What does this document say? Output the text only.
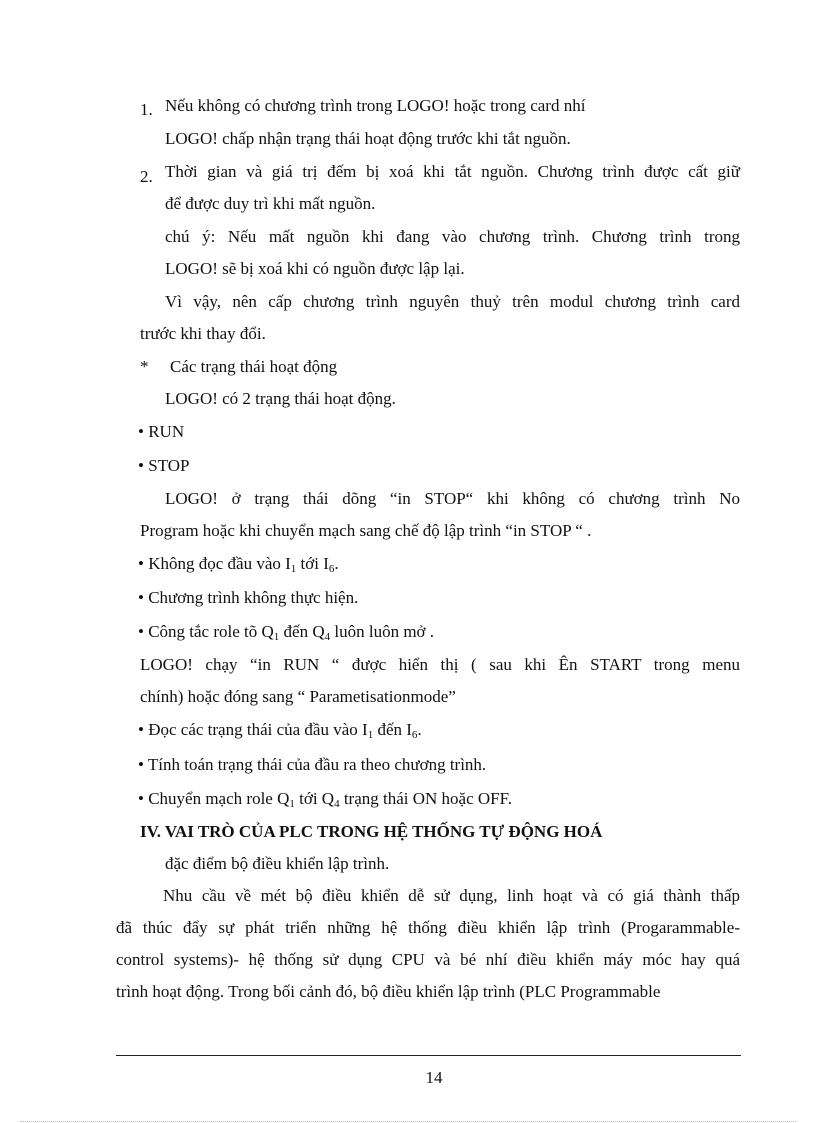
1. Nếu không có chương trình trong LOGO! hoặc trong card nhí
LOGO! chấp nhận trạng thái hoạt động trước khi tắt nguồn.
2. Thời gian và giá trị đếm bị xoá khi tắt nguồn. Chương trình được cất giữ
để được duy trì khi mất nguồn.
chú ý: Nếu mất nguồn khi đang vào chương trình. Chương trình trong
LOGO! sẽ bị xoá khi có nguồn được lập lại.
Vì vậy, nên cấp chương trình nguyên thuỷ trên modul chương trình card
trước khi thay đổi.
* Các trạng thái hoạt động
LOGO! có 2 trạng thái hoạt động.
• RUN
• STOP
LOGO! ở trạng thái dõng “in STOP“ khi không có chương trình No
Program hoặc khi chuyển mạch sang chế độ lập trình “in STOP “ .
• Không đọc đầu vào $I_1$ tới $I_6$.
• Chương trình không thực hiện.
• Công tắc role tõ $Q_1$ đến $Q_4$ luôn luôn mở .
LOGO! chạy “in RUN “ được hiển thị ( sau khi Ên START trong menu
chính) hoặc đóng sang “ Parametisationmode”
• Đọc các trạng thái của đầu vào $I_1$ đến $I_6$.
• Tính toán trạng thái của đầu ra theo chương trình.
• Chuyển mạch role $Q_1$ tới $Q_4$ trạng thái ON hoặc OFF.
IV. VAI TRÒ CỦA PLC TRONG HỆ THỐNG TỰ ĐỘNG HOÁ
đặc điểm bộ điều khiển lập trình.
Nhu cầu về mét bộ điều khiển dễ sử dụng, linh hoạt và có giá thành thấp
đã thúc đẩy sự phát triển những hệ thống điều khiển lập trình (Progarammable-
control systems)- hệ thống sử dụng CPU và bé nhí điều khiển máy móc hay quá
trình hoạt động. Trong bối cảnh đó, bộ điều khiển lập trình (PLC Programmable
14
